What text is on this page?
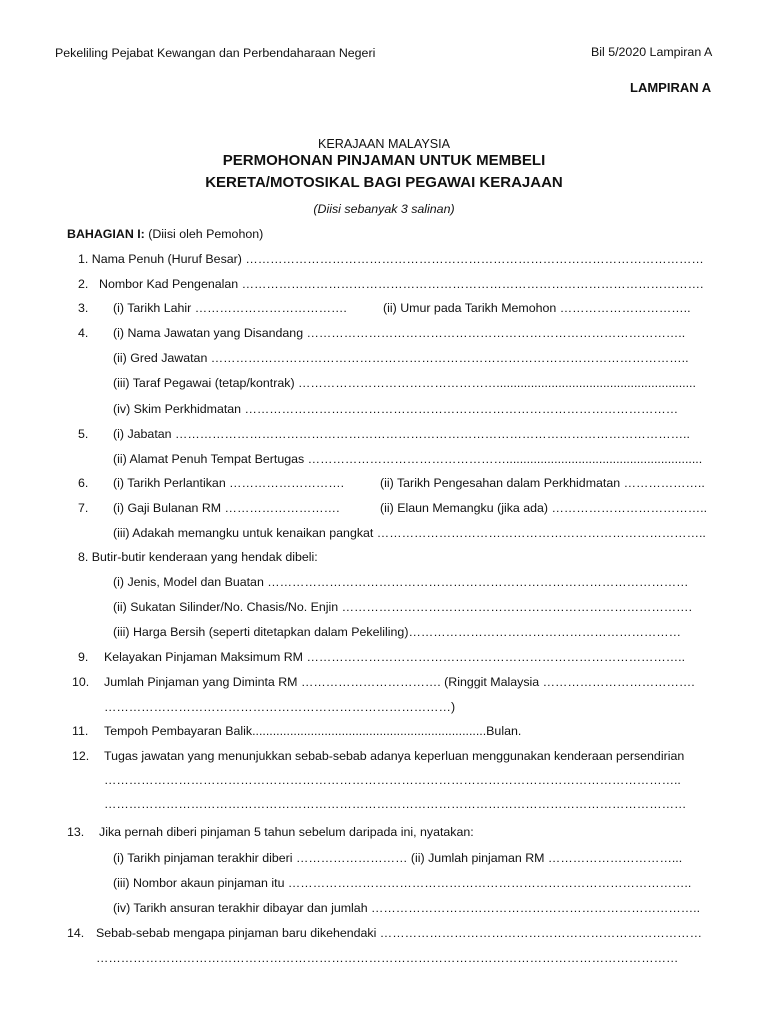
Pekeliling Pejabat Kewangan dan Perbendaharaan Negeri	Bil 5/2020 Lampiran A
LAMPIRAN A
KERAJAAN MALAYSIA
PERMOHONAN PINJAMAN UNTUK MEMBELI
KERETA/MOTOSIKAL BAGI PEGAWAI KERAJAAN
(Diisi sebanyak 3 salinan)
BAHAGIAN I: (Diisi oleh Pemohon)
1. Nama Penuh (Huruf Besar) …………………………………………………………………………………………………
2. Nombor Kad Pengenalan ………………………………………………………………………………………………….
3. (i) Tarikh Lahir ……………………………….	(ii) Umur pada Tarikh Memohon …………………………..
4. (i) Nama Jawatan yang Disandang ………………………………………………………………………………..
(ii) Gred Jawatan ……………………………………………………………………………………………………..
(iii) Taraf Pegawai (tetap/kontrak) …………………………………………..........................................................
(iv) Skim Perkhidmatan ……………………………………………………………………………………………
5. (i) Jabatan ……………………………………………………………………………………………………………..
(ii) Alamat Penuh Tempat Bertugas ………………………………………….........................................................
6. (i) Tarikh Perlantikan ……………………….	(ii) Tarikh Pengesahan dalam Perkhidmatan ………………..
7. (i) Gaji Bulanan RM ……………………….	(ii) Elaun Memangku (jika ada) ………………………………..
(iii) Adakah memangku untuk kenaikan pangkat ……………………………………………………………………..
8. Butir-butir kenderaan yang hendak dibeli:
(i) Jenis, Model dan Buatan …………………………………………………………………………………………
(ii) Sukatan Silinder/No. Chasis/No. Enjin ………………………………………………………………………….
(iii) Harga Bersih (seperti ditetapkan dalam Pekeliling)…………………………………………………………
9. Kelayakan Pinjaman Maksimum RM ………………………………………………………………………………..
10. Jumlah Pinjaman yang Diminta RM ……………………………. (Ringgit Malaysia ……………………………….
…………………………………………………………………………)
11. Tempoh Pembayaran Balik....................................................................Bulan.
12. Tugas jawatan yang menunjukkan sebab-sebab adanya keperluan menggunakan kenderaan persendirian
…………………………………………………………………………………………………………………………..
……………………………………………………………………………………………………………………………
13. Jika pernah diberi pinjaman 5 tahun sebelum daripada ini, nyatakan:
(i) Tarikh pinjaman terakhir diberi ……………………… (ii) Jumlah pinjaman RM …………………………...
(iii) Nombor akaun pinjaman itu ……………………………………………………………………………………..
(iv) Tarikh ansuran terakhir dibayar dan jumlah ……………………………………………………………………..
14. Sebab-sebab mengapa pinjaman baru dikehendaki ……………………………………………………………………
……………………………………………………………………………………………………………………………
